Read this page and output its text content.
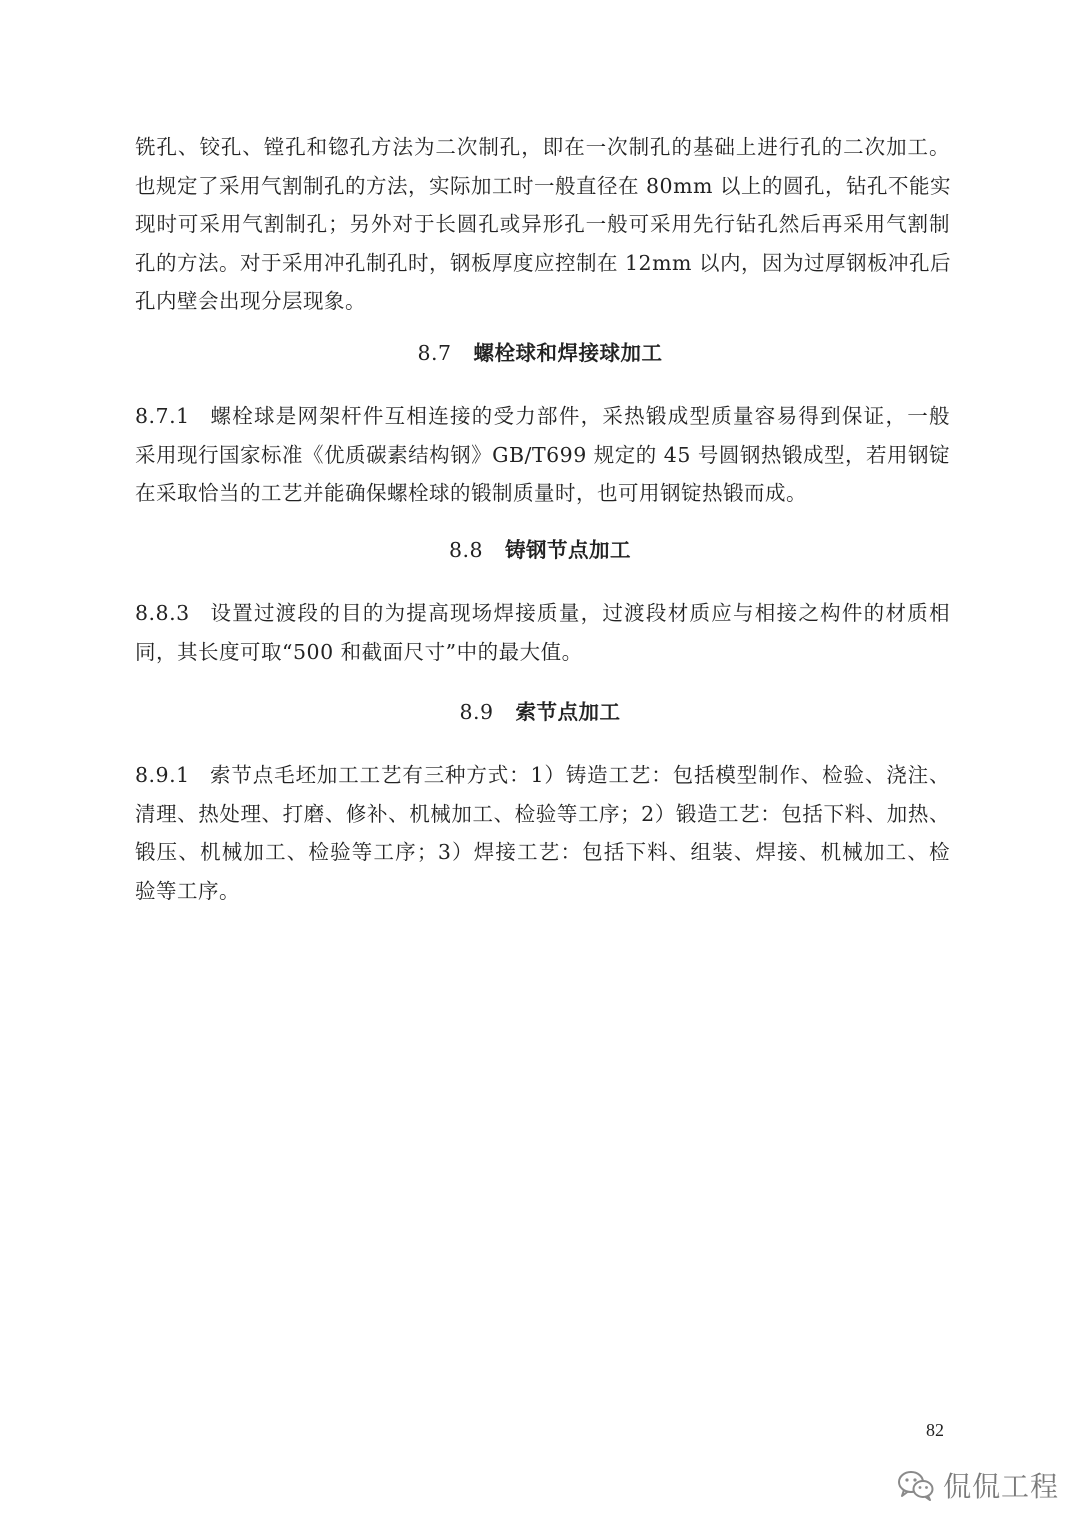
铣孔、铰孔、镗孔和锪孔方法为二次制孔，即在一次制孔的基础上进行孔的二次加工。
也规定了采用气割制孔的方法，实际加工时一般直径在 80mm 以上的圆孔，钻孔不能实
现时可采用气割制孔；另外对于长圆孔或异形孔一般可采用先行钻孔然后再采用气割制
孔的方法。对于采用冲孔制孔时，钢板厚度应控制在 12mm 以内，因为过厚钢板冲孔后
孔内壁会出现分层现象。
8.7 螺栓球和焊接球加工
8.7.1 螺栓球是网架杆件互相连接的受力部件，采热锻成型质量容易得到保证，一般
采用现行国家标准《优质碳素结构钢》GB/T699 规定的 45 号圆钢热锻成型，若用钢锭
在采取恰当的工艺并能确保螺栓球的锻制质量时，也可用钢锭热锻而成。
8.8 铸钢节点加工
8.8.3 设置过渡段的目的为提高现场焊接质量，过渡段材质应与相接之构件的材质相
同，其长度可取“500 和截面尺寸”中的最大值。
8.9 索节点加工
8.9.1 索节点毛坯加工工艺有三种方式：1）铸造工艺：包括模型制作、检验、浇注、
清理、热处理、打磨、修补、机械加工、检验等工序；2）锻造工艺：包括下料、加热、
锻压、机械加工、检验等工序；3）焊接工艺：包括下料、组装、焊接、机械加工、检
验等工序。
82
侃侃工程
